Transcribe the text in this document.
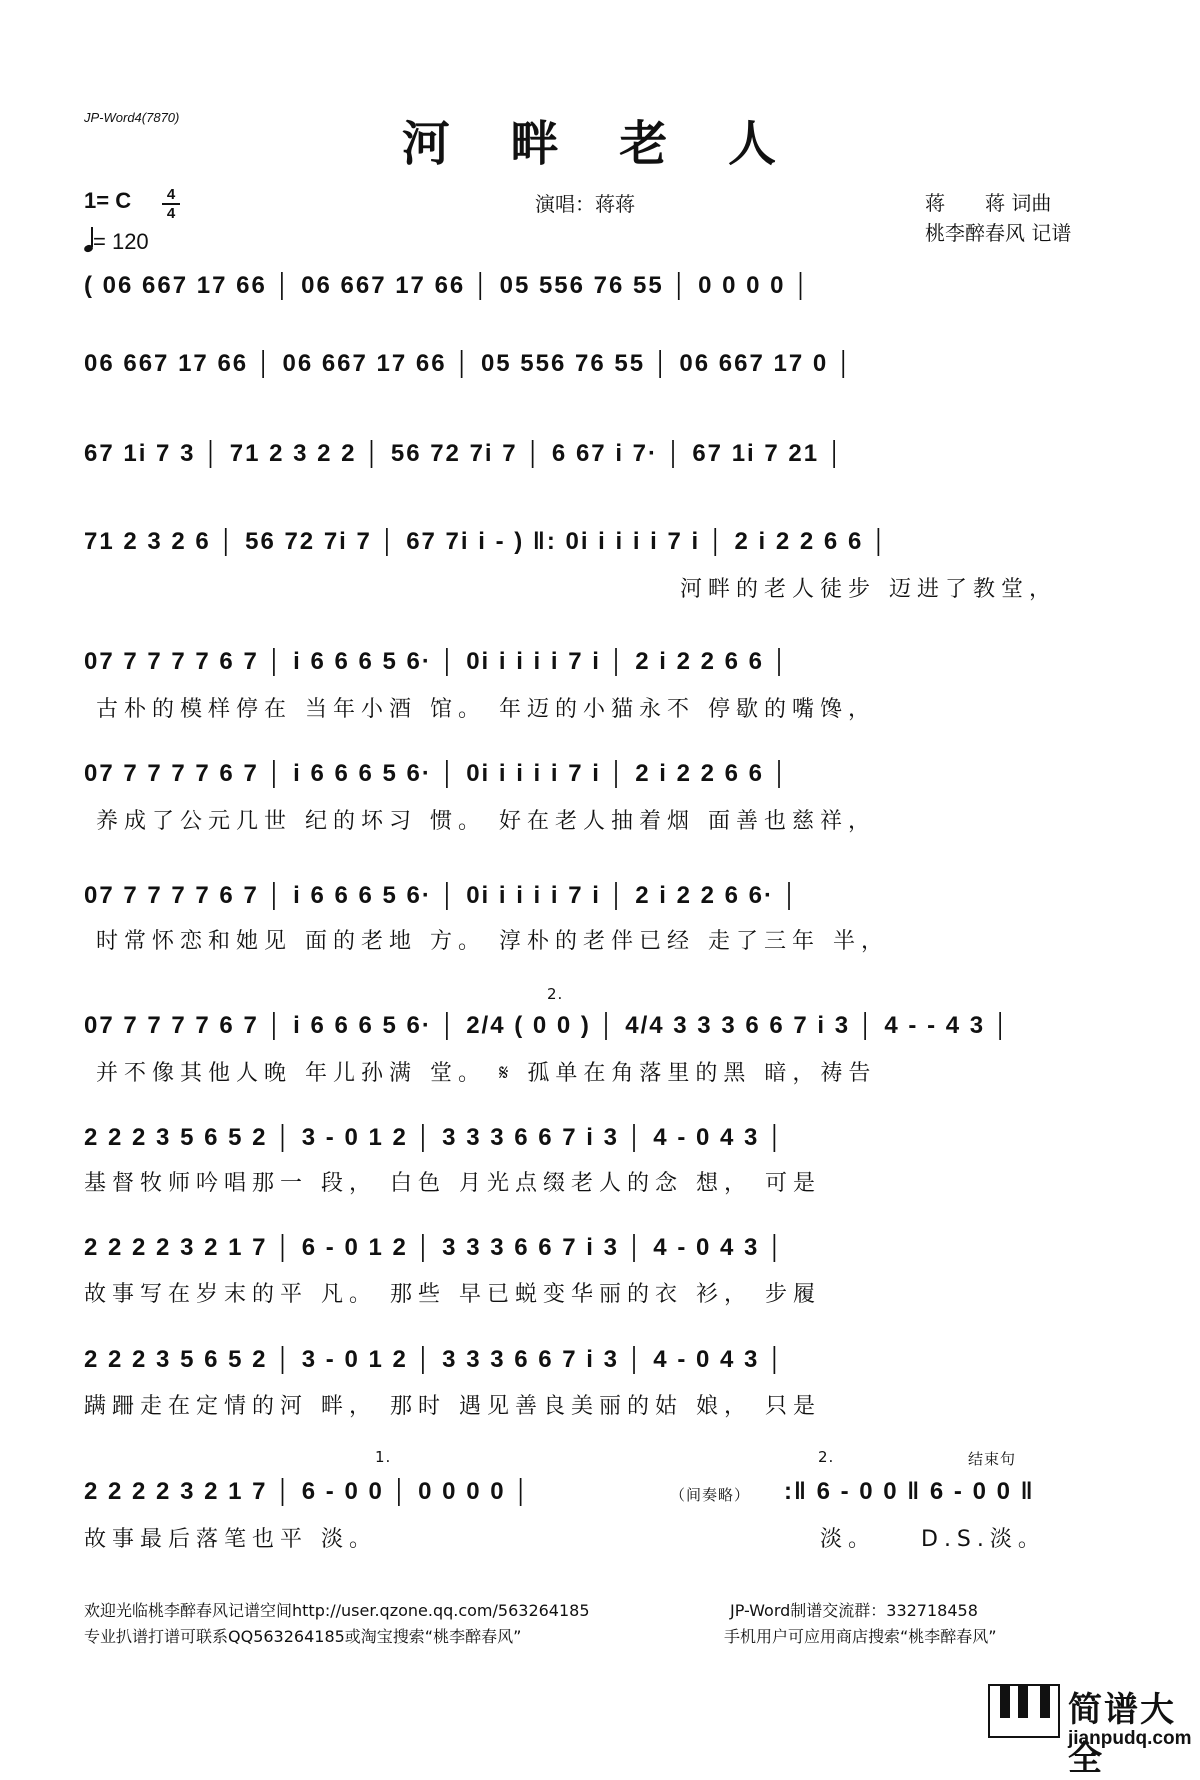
JP-Word4(7870)	河 畔 老 人
1= C	4
4
= 120
演唱：蒋蒋	蒋　　蒋 词曲
桃李醉春风 记谱
( 06 667 17 66 │ 06 667 17 66 │ 05 556 76 55 │ 0 0 0 0 │
06 667 17 66 │ 06 667 17 66 │ 05 556 76 55 │ 06 667 17 0 │
67 1i 7 3 │ 71 2 3 2 2 │ 56 72 7i 7 │ 6 67 i 7· │ 67 1i 7 21 │
71 2 3 2 6 │ 56 72 7i 7 │ 67 7i i - ) ‖: 0i i i i i 7 i │ 2 i 2 2 6 6 │
河畔的老人徒步 迈进了教堂，
07 7 7 7 7 6 7 │ i 6 6 6 5 6· │ 0i i i i i 7 i │ 2 i 2 2 6 6 │
古朴的模样停在 当年小酒 馆。 年迈的小猫永不 停歇的嘴馋，
07 7 7 7 7 6 7 │ i 6 6 6 5 6· │ 0i i i i i 7 i │ 2 i 2 2 6 6 │
养成了公元几世 纪的坏习 惯。 好在老人抽着烟 面善也慈祥，
07 7 7 7 7 6 7 │ i 6 6 6 5 6· │ 0i i i i i 7 i │ 2 i 2 2 6 6· │
时常怀恋和她见 面的老地 方。 淳朴的老伴已经 走了三年 半，
2.
07 7 7 7 7 6 7 │ i 6 6 6 5 6· │ 2/4 ( 0 0 ) │ 4/4 3 3 3 6 6 7 i 3 │ 4 - - 4 3 │
并不像其他人晚 年儿孙满 堂。 𝄋 孤单在角落里的黑 暗，祷告
2 2 2 3 5 6 5 2 │ 3 - 0 1 2 │ 3 3 3 6 6 7 i 3 │ 4 - 0 4 3 │
基督牧师吟唱那一 段， 白色 月光点缀老人的念 想， 可是
2 2 2 2 3 2 1 7 │ 6 - 0 1 2 │ 3 3 3 6 6 7 i 3 │ 4 - 0 4 3 │
故事写在岁末的平 凡。 那些 早已蜕变华丽的衣 衫， 步履
2 2 2 3 5 6 5 2 │ 3 - 0 1 2 │ 3 3 3 6 6 7 i 3 │ 4 - 0 4 3 │
蹒跚走在定情的河 畔， 那时 遇见善良美丽的姑 娘， 只是
1.	2.	结束句
2 2 2 2 3 2 1 7 │ 6 - 0 0 │ 0 0 0 0 │	（间奏略） :‖ 6 - 0 0 ‖ 6 - 0 0 ‖
故事最后落笔也平 淡。	淡。　　D.S.淡。
欢迎光临桃李醉春风记谱空间http://user.qzone.qq.com/563264185	JP-Word制谱交流群：332718458
专业扒谱打谱可联系QQ563264185或淘宝搜索“桃李醉春风”	手机用户可应用商店搜索“桃李醉春风”
简谱大全
jianpudq.com
